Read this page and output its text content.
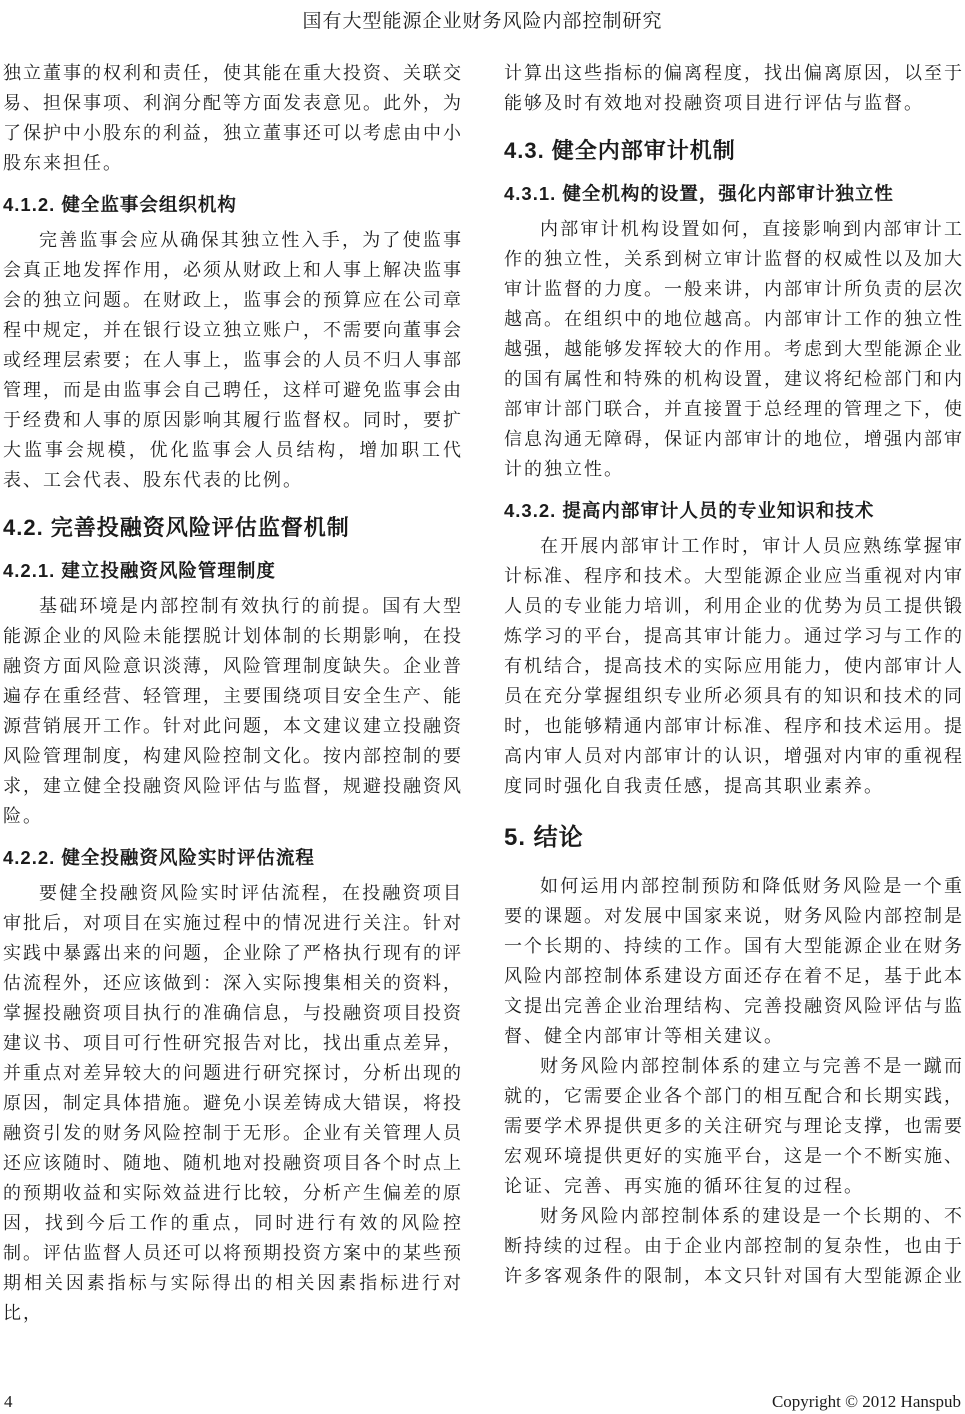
国有大型能源企业财务风险内部控制研究

独立董事的权利和责任，使其能在重大投资、关联交易、担保事项、利润分配等方面发表意见。此外，为了保护中小股东的利益，独立董事还可以考虑由中小股东来担任。

4.1.2. 健全监事会组织机构

完善监事会应从确保其独立性入手，为了使监事会真正地发挥作用，必须从财政上和人事上解决监事会的独立问题。在财政上，监事会的预算应在公司章程中规定，并在银行设立独立账户，不需要向董事会或经理层索要；在人事上，监事会的人员不归人事部管理，而是由监事会自己聘任，这样可避免监事会由于经费和人事的原因影响其履行监督权。同时，要扩大监事会规模，优化监事会人员结构，增加职工代表、工会代表、股东代表的比例。

4.2. 完善投融资风险评估监督机制
4.2.1. 建立投融资风险管理制度

基础环境是内部控制有效执行的前提。国有大型能源企业的风险未能摆脱计划体制的长期影响，在投融资方面风险意识淡薄，风险管理制度缺失。企业普遍存在重经营、轻管理，主要围绕项目安全生产、能源营销展开工作。针对此问题，本文建议建立投融资风险管理制度，构建风险控制文化。按内部控制的要求，建立健全投融资风险评估与监督，规避投融资风险。

4.2.2. 健全投融资风险实时评估流程

要健全投融资风险实时评估流程，在投融资项目审批后，对项目在实施过程中的情况进行关注。针对实践中暴露出来的问题，企业除了严格执行现有的评估流程外，还应该做到：深入实际搜集相关的资料，掌握投融资项目执行的准确信息，与投融资项目投资建议书、项目可行性研究报告对比，找出重点差异，并重点对差异较大的问题进行研究探讨，分析出现的原因，制定具体措施。避免小误差铸成大错误，将投融资引发的财务风险控制于无形。企业有关管理人员还应该随时、随地、随机地对投融资项目各个时点上的预期收益和实际效益进行比较，分析产生偏差的原因，找到今后工作的重点，同时进行有效的风险控制。评估监督人员还可以将预期投资方案中的某些预期相关因素指标与实际得出的相关因素指标进行对比，

计算出这些指标的偏离程度，找出偏离原因，以至于能够及时有效地对投融资项目进行评估与监督。

4.3. 健全内部审计机制
4.3.1. 健全机构的设置，强化内部审计独立性

内部审计机构设置如何，直接影响到内部审计工作的独立性，关系到树立审计监督的权威性以及加大审计监督的力度。一般来讲，内部审计所负责的层次越高。在组织中的地位越高。内部审计工作的独立性越强，越能够发挥较大的作用。考虑到大型能源企业的国有属性和特殊的机构设置，建议将纪检部门和内部审计部门联合，并直接置于总经理的管理之下，使信息沟通无障碍，保证内部审计的地位，增强内部审计的独立性。

4.3.2. 提高内部审计人员的专业知识和技术

在开展内部审计工作时，审计人员应熟练掌握审计标准、程序和技术。大型能源企业应当重视对内审人员的专业能力培训，利用企业的优势为员工提供锻炼学习的平台，提高其审计能力。通过学习与工作的有机结合，提高技术的实际应用能力，使内部审计人员在充分掌握组织专业所必须具有的知识和技术的同时，也能够精通内部审计标准、程序和技术运用。提高内审人员对内部审计的认识，增强对内审的重视程度同时强化自我责任感，提高其职业素养。

5. 结论

如何运用内部控制预防和降低财务风险是一个重要的课题。对发展中国家来说，财务风险内部控制是一个长期的、持续的工作。国有大型能源企业在财务风险内部控制体系建设方面还存在着不足，基于此本文提出完善企业治理结构、完善投融资风险评估与监督、健全内部审计等相关建议。

财务风险内部控制体系的建立与完善不是一蹴而就的，它需要企业各个部门的相互配合和长期实践，需要学术界提供更多的关注研究与理论支撑，也需要宏观环境提供更好的实施平台，这是一个不断实施、论证、完善、再实施的循环往复的过程。

财务风险内部控制体系的建设是一个长期的、不断持续的过程。由于企业内部控制的复杂性，也由于许多客观条件的限制，本文只针对国有大型能源企业

4	Copyright © 2012 Hanspub
